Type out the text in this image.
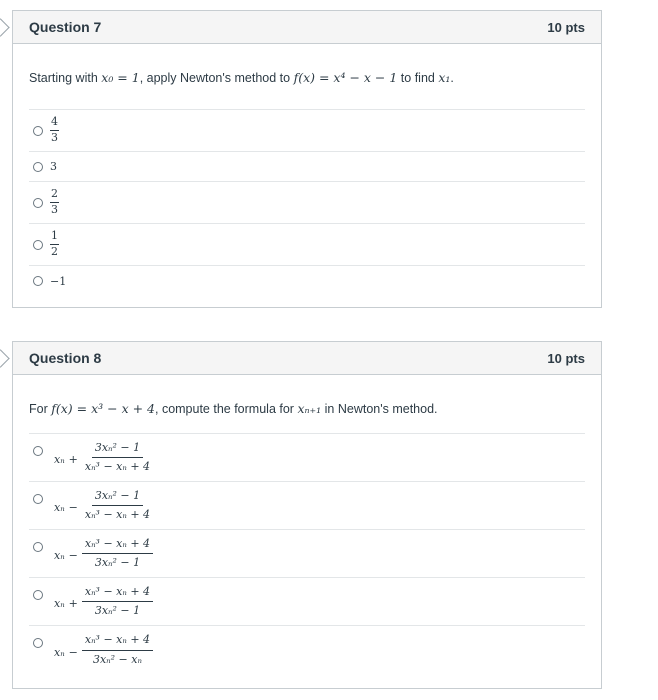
Question 7	10 pts
Starting with x₀ = 1, apply Newton's method to f(x) = x⁴ − x − 1 to find x₁.
$\frac{4}{3}$
3
$\frac{2}{3}$
$\frac{1}{2}$
−1
Question 8	10 pts
For f(x) = x³ − x + 4, compute the formula for xₙ₊₁ in Newton's method.
$x_n + \frac{\text{3xₙ² − 1}}{\text{xₙ³ − xₙ + 4}}$
$x_n - \frac{\text{3xₙ² − 1}}{\text{xₙ³ − xₙ + 4}}$
$x_n - \frac{\text{xₙ³ − xₙ + 4}}{\text{3xₙ² − 1}}$
$x_n + \frac{\text{xₙ³ − xₙ + 4}}{\text{3xₙ² − 1}}$
$x_n - \frac{\text{xₙ³ − xₙ + 4}}{\text{3xₙ² − xₙ}}$
